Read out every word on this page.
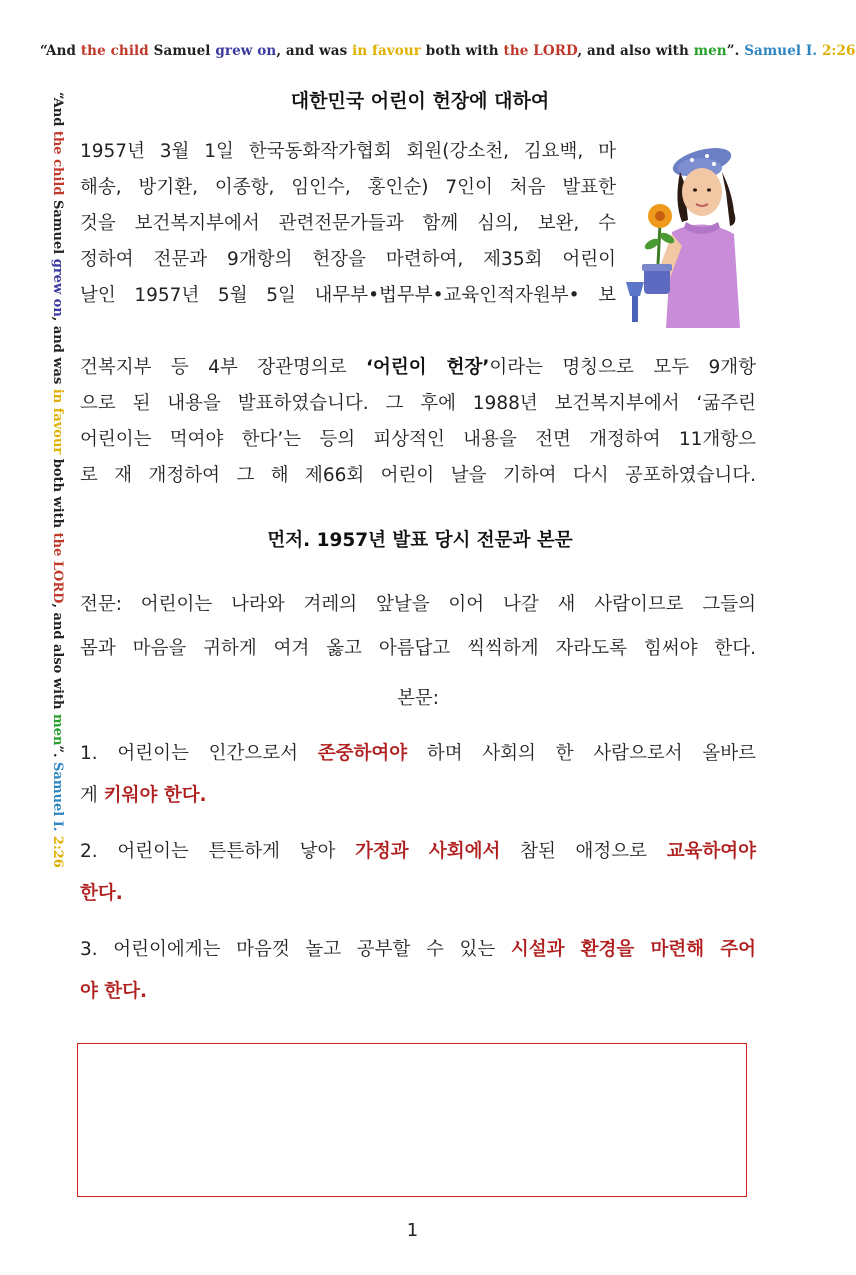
“And the child Samuel grew on, and was in favour both with the LORD, and also with men”. Samuel I. 2:26
“And the child Samuel grew on, and was in favour both with the LORD, and also with men”. Samuel I. 2:26
대한민국 어린이 헌장에 대하여
1957년 3월 1일 한국동화작가협회 회원(강소천, 김요백, 마
해송, 방기환, 이종항, 임인수, 홍인순) 7인이 처음 발표한
것을 보건복지부에서 관련전문가들과 함께 심의, 보완, 수
정하여 전문과 9개항의 헌장을 마련하여, 제35회 어린이
날인 1957년 5월 5일 내무부•법무부•교육인적자원부• 보
건복지부 등 4부 장관명의로 ‘어린이 헌장’이라는 명칭으로 모두 9개항
으로 된 내용을 발표하였습니다. 그 후에 1988년 보건복지부에서 ‘굶주린
어린이는 먹여야 한다’는 등의 피상적인 내용을 전면 개정하여 11개항으
로 재 개정하여 그 해 제66회 어린이 날을 기하여 다시 공포하였습니다.
먼저. 1957년 발표 당시 전문과 본문
전문: 어린이는 나라와 겨레의 앞날을 이어 나갈 새 사람이므로 그들의
몸과 마음을 귀하게 여겨 옳고 아름답고 씩씩하게 자라도록 힘써야 한다.
본문:
1. 어린이는 인간으로서 존중하여야 하며 사회의 한 사람으로서 올바르
게 키워야 한다.
2. 어린이는 튼튼하게 낳아 가정과 사회에서 참된 애정으로 교육하여야
한다.
3. 어린이에게는 마음껏 놀고 공부할 수 있는 시설과 환경을 마련해 주어
야 한다.
1
